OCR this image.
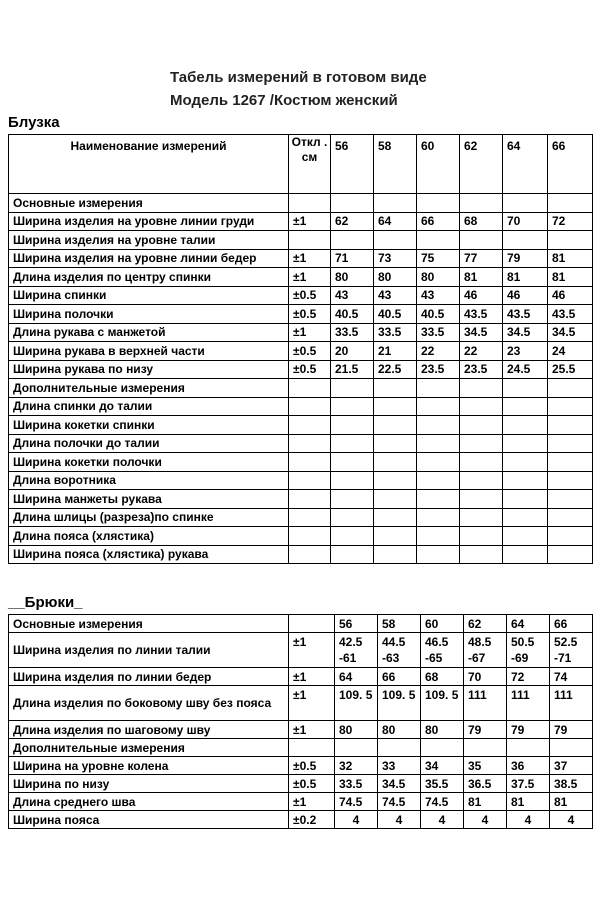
Табель измерений в готовом виде
Модель 1267 /Костюм женский
Блузка
Наименование измерений	Откл . см	56	58	60	62	64	66
Основные измерения							
Ширина изделия на уровне линии груди	±1	62	64	66	68	70	72
Ширина изделия на уровне талии							
Ширина изделия на уровне линии бедер	±1	71	73	75	77	79	81
Длина изделия по центру спинки	±1	80	80	80	81	81	81
Ширина спинки	±0.5	43	43	43	46	46	46
Ширина полочки	±0.5	40.5	40.5	40.5	43.5	43.5	43.5
Длина рукава с манжетой	±1	33.5	33.5	33.5	34.5	34.5	34.5
Ширина рукава в верхней части	±0.5	20	21	22	22	23	24
Ширина рукава по низу	±0.5	21.5	22.5	23.5	23.5	24.5	25.5
Дополнительные измерения							
Длина спинки до талии							
Ширина кокетки спинки							
Длина полочки до талии							
Ширина кокетки полочки							
Длина воротника							
Ширина манжеты рукава							
Длина шлицы (разреза)по спинке							
Длина пояса (хлястика)							
Ширина пояса (хлястика) рукава							
__Брюки_
Основные измерения		56	58	60	62	64	66
Ширина изделия по линии талии	±1	42.5 -61	44.5 -63	46.5 -65	48.5 -67	50.5 -69	52.5 -71
Ширина изделия по линии бедер	±1	64	66	68	70	72	74
Длина изделия по боковому шву без пояса	±1	109. 5	109. 5	109. 5	111	111	111
Длина изделия по шаговому шву	±1	80	80	80	79	79	79
Дополнительные измерения							
Ширина на уровне колена	±0.5	32	33	34	35	36	37
Ширина по низу	±0.5	33.5	34.5	35.5	36.5	37.5	38.5
Длина среднего шва	±1	74.5	74.5	74.5	81	81	81
Ширина пояса	±0.2	4	4	4	4	4	4
